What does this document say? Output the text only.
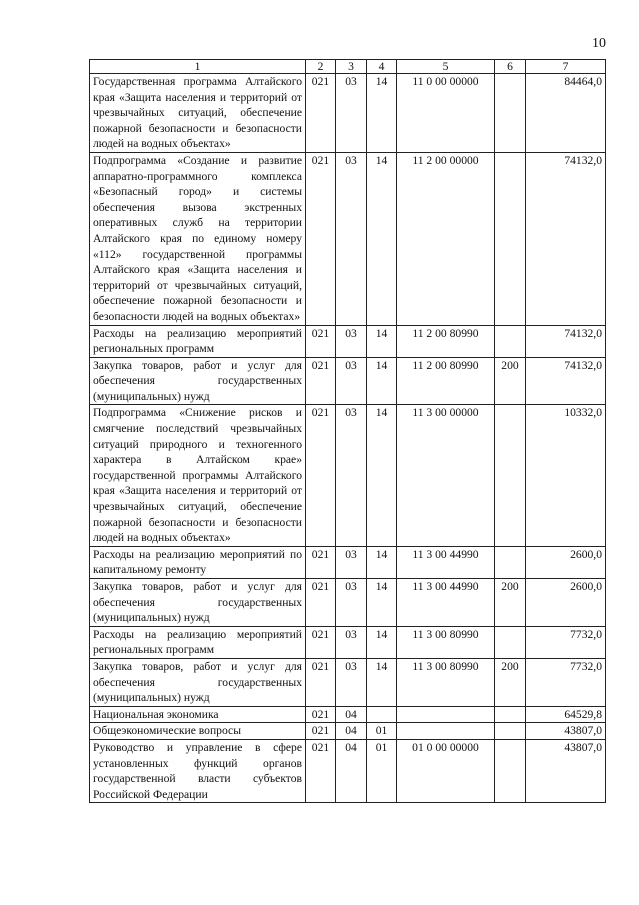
10
1	2	3	4	5	6	7
Государственная программа Алтайского края «Защита населения и территорий от чрезвычайных ситуаций, обеспечение пожарной безопасности и безопасности людей на водных объектах»	021	03	14	11 0 00 00000		84464,0
Подпрограмма «Создание и развитие аппаратно-программного комплекса «Безопасный город» и системы обеспечения вызова экстренных оперативных служб на территории Алтайского края по единому номеру «112» государственной программы Алтайского края «Защита населения и территорий от чрезвычайных ситуаций, обеспечение пожарной безопасности и безопасности людей на водных объектах»	021	03	14	11 2 00 00000		74132,0
Расходы на реализацию мероприятий региональных программ	021	03	14	11 2 00 80990		74132,0
Закупка товаров, работ и услуг для обеспечения государственных (муниципальных) нужд	021	03	14	11 2 00 80990	200	74132,0
Подпрограмма «Снижение рисков и смягчение последствий чрезвычайных ситуаций природного и техногенного характера в Алтайском крае» государственной программы Алтайского края «Защита населения и территорий от чрезвычайных ситуаций, обеспечение пожарной безопасности и безопасности людей на водных объектах»	021	03	14	11 3 00 00000		10332,0
Расходы на реализацию мероприятий по капитальному ремонту	021	03	14	11 3 00 44990		2600,0
Закупка товаров, работ и услуг для обеспечения государственных (муниципальных) нужд	021	03	14	11 3 00 44990	200	2600,0
Расходы на реализацию мероприятий региональных программ	021	03	14	11 3 00 80990		7732,0
Закупка товаров, работ и услуг для обеспечения государственных (муниципальных) нужд	021	03	14	11 3 00 80990	200	7732,0
Национальная экономика	021	04				64529,8
Общеэкономические вопросы	021	04	01			43807,0
Руководство и управление в сфере установленных функций органов государственной власти субъектов Российской Федерации	021	04	01	01 0 00 00000		43807,0
